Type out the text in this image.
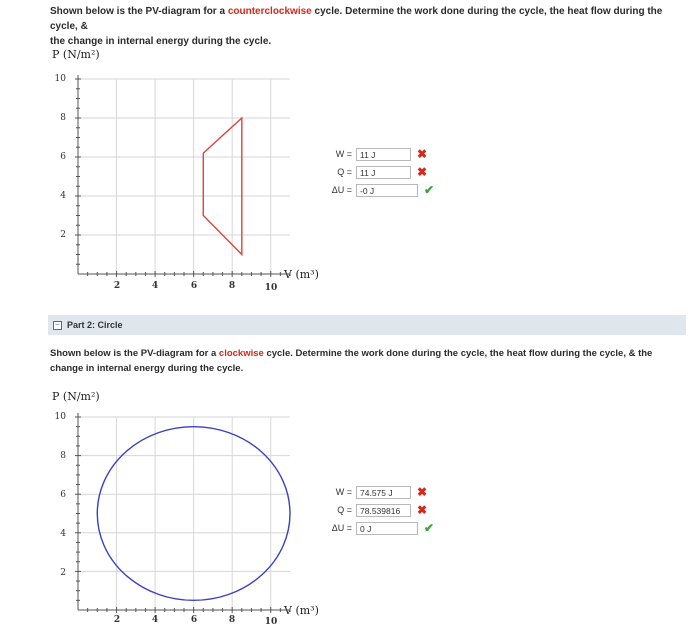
Shown below is the PV-diagram for a counterclockwise cycle. Determine the work done during the cycle, the heat flow during the cycle, &
the change in internal energy during the cycle.
P (N/m²)
V (m³)
10
8
6
4
2
2	4	6	8	10
W = 11 J	✖
Q = 11 J	✖
ΔU = -0 J	✔
− Part 2: Circle
Shown below is the PV-diagram for a clockwise cycle. Determine the work done during the cycle, the heat flow during the cycle, & the
change in internal energy during the cycle.
P (N/m²)
V (m³)
10
8
6
4
2
2	4	6	8	10
W = 74.575 J	✖
Q = 78.539816	✖
ΔU = 0 J	✔
